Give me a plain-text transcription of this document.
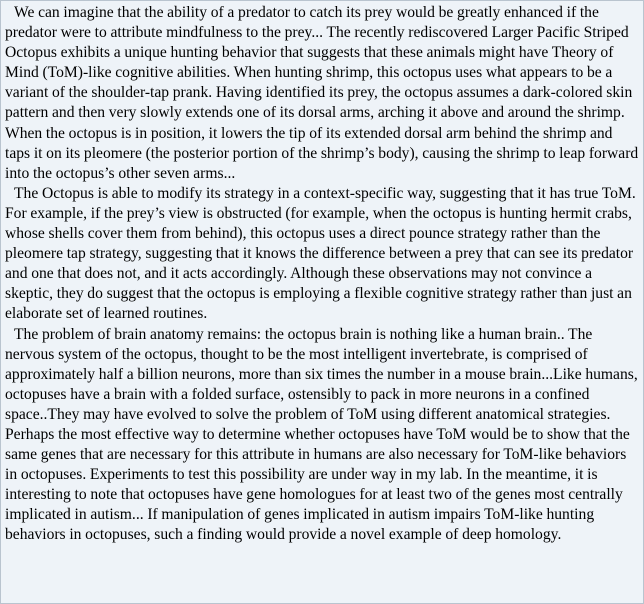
We can imagine that the ability of a predator to catch its prey would be greatly enhanced if the predator were to attribute mindfulness to the prey... The recently rediscovered Larger Pacific Striped Octopus exhibits a unique hunting behavior that suggests that these animals might have Theory of Mind (ToM)-like cognitive abilities. When hunting shrimp, this octopus uses what appears to be a variant of the shoulder-tap prank. Having identified its prey, the octopus assumes a dark-colored skin pattern and then very slowly extends one of its dorsal arms, arching it above and around the shrimp. When the octopus is in position, it lowers the tip of its extended dorsal arm behind the shrimp and taps it on its pleomere (the posterior portion of the shrimp’s body), causing the shrimp to leap forward into the octopus’s other seven arms...

The Octopus is able to modify its strategy in a context-specific way, suggesting that it has true ToM. For example, if the prey’s view is obstructed (for example, when the octopus is hunting hermit crabs, whose shells cover them from behind), this octopus uses a direct pounce strategy rather than the pleomere tap strategy, suggesting that it knows the difference between a prey that can see its predator and one that does not, and it acts accordingly. Although these observations may not convince a skeptic, they do suggest that the octopus is employing a flexible cognitive strategy rather than just an elaborate set of learned routines.

The problem of brain anatomy remains: the octopus brain is nothing like a human brain.. The nervous system of the octopus, thought to be the most intelligent invertebrate, is comprised of approximately half a billion neurons, more than six times the number in a mouse brain...Like humans, octopuses have a brain with a folded surface, ostensibly to pack in more neurons in a confined space..They may have evolved to solve the problem of ToM using different anatomical strategies. Perhaps the most effective way to determine whether octopuses have ToM would be to show that the same genes that are necessary for this attribute in humans are also necessary for ToM-like behaviors in octopuses. Experiments to test this possibility are under way in my lab. In the meantime, it is interesting to note that octopuses have gene homologues for at least two of the genes most centrally implicated in autism... If manipulation of genes implicated in autism impairs ToM-like hunting behaviors in octopuses, such a finding would provide a novel example of deep homology.
